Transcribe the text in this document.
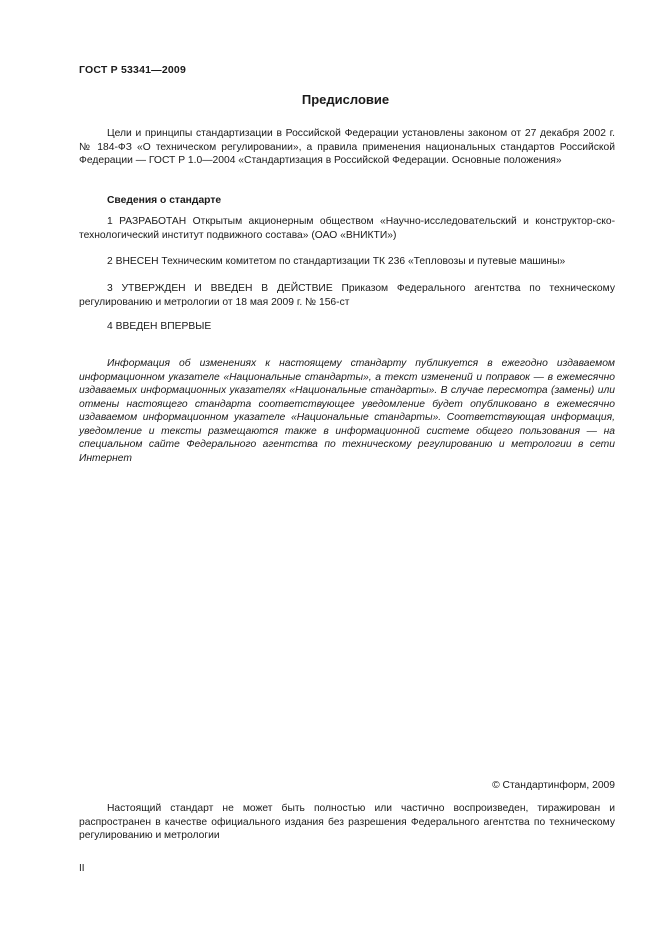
ГОСТ Р 53341—2009
Предисловие

Цели и принципы стандартизации в Российской Федерации установлены законом от 27 декабря 2002 г. № 184-ФЗ «О техническом регулировании», а правила применения национальных стандартов Российской Федерации — ГОСТ Р 1.0—2004 «Стандартизация в Российской Федерации. Основные положения»

Сведения о стандарте

1 РАЗРАБОТАН Открытым акционерным обществом «Научно-исследовательский и конструктор-ско-технологический институт подвижного состава» (ОАО «ВНИКТИ»)

2 ВНЕСЕН Техническим комитетом по стандартизации ТК 236 «Тепловозы и путевые машины»

3 УТВЕРЖДЕН И ВВЕДЕН В ДЕЙСТВИЕ Приказом Федерального агентства по техническому регулированию и метрологии от 18 мая 2009 г. № 156-ст

4 ВВЕДЕН ВПЕРВЫЕ

Информация об изменениях к настоящему стандарту публикуется в ежегодно издаваемом информационном указателе «Национальные стандарты», а текст изменений и поправок — в ежемесячно издаваемых информационных указателях «Национальные стандарты». В случае пересмотра (замены) или отмены настоящего стандарта соответствующее уведомление будет опубликовано в ежемесячно издаваемом информационном указателе «Национальные стандарты». Соответствующая информация, уведомление и тексты размещаются также в информационной системе общего пользования — на специальном сайте Федерального агентства по техническому регулированию и метрологии в сети Интернет

© Стандартинформ, 2009

Настоящий стандарт не может быть полностью или частично воспроизведен, тиражирован и распространен в качестве официального издания без разрешения Федерального агентства по техническому регулированию и метрологии

II
